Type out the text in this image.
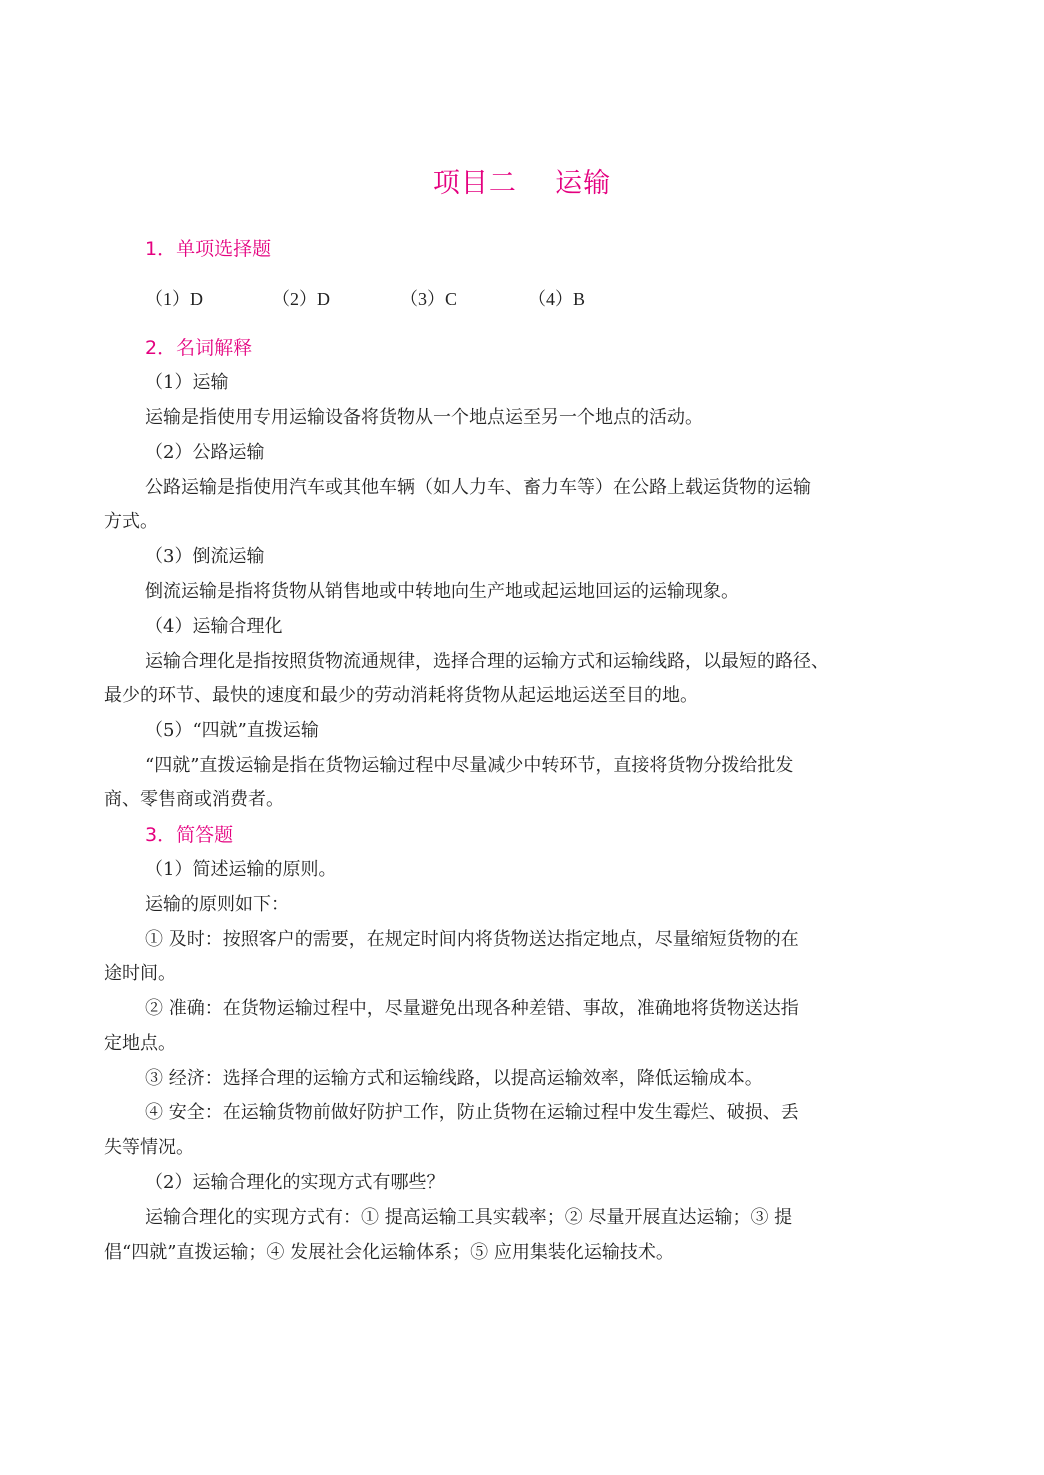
项目二    运输
1．单项选择题
（1）D	（2）D	（3）C	（4）B
2．名词解释
（1）运输
运输是指使用专用运输设备将货物从一个地点运至另一个地点的活动。
（2）公路运输
公路运输是指使用汽车或其他车辆（如人力车、畜力车等）在公路上载运货物的运输
方式。
（3）倒流运输
倒流运输是指将货物从销售地或中转地向生产地或起运地回运的运输现象。
（4）运输合理化
运输合理化是指按照货物流通规律，选择合理的运输方式和运输线路，以最短的路径、
最少的环节、最快的速度和最少的劳动消耗将货物从起运地运送至目的地。
（5）“四就”直拨运输
“四就”直拨运输是指在货物运输过程中尽量减少中转环节，直接将货物分拨给批发
商、零售商或消费者。
3．简答题
（1）简述运输的原则。
运输的原则如下：
① 及时：按照客户的需要，在规定时间内将货物送达指定地点，尽量缩短货物的在
途时间。
② 准确：在货物运输过程中，尽量避免出现各种差错、事故，准确地将货物送达指
定地点。
③ 经济：选择合理的运输方式和运输线路，以提高运输效率，降低运输成本。
④ 安全：在运输货物前做好防护工作，防止货物在运输过程中发生霉烂、破损、丢
失等情况。
（2）运输合理化的实现方式有哪些？
运输合理化的实现方式有：① 提高运输工具实载率；② 尽量开展直达运输；③ 提
倡“四就”直拨运输；④ 发展社会化运输体系；⑤ 应用集装化运输技术。
